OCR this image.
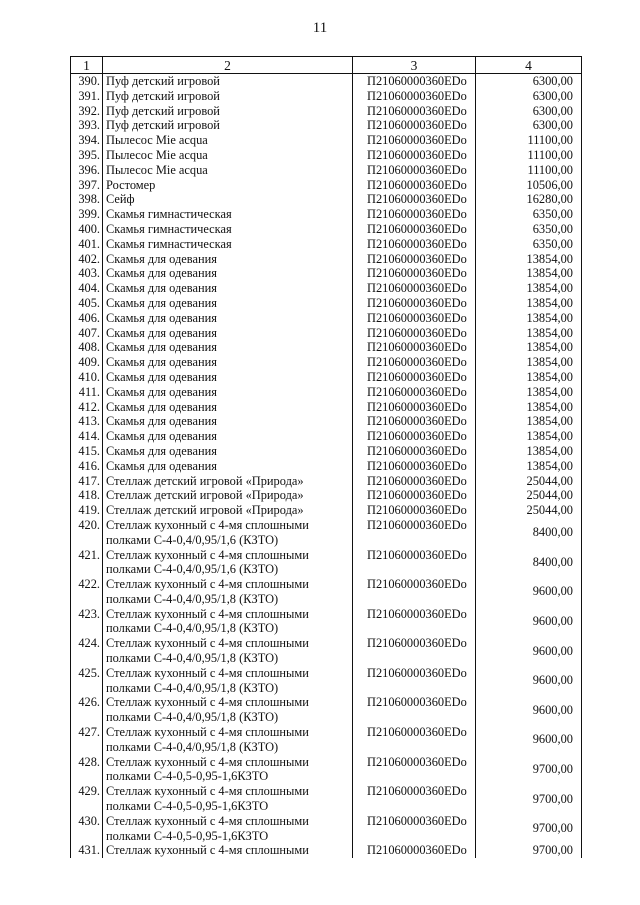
11
1	2	3	4
390.	Пуф детский игровой	П21060000360EDo	6300,00
391.	Пуф детский игровой	П21060000360EDo	6300,00
392.	Пуф детский игровой	П21060000360EDo	6300,00
393.	Пуф детский игровой	П21060000360EDo	6300,00
394.	Пылесос Mie acqua	П21060000360EDo	11100,00
395.	Пылесос Mie acqua	П21060000360EDo	11100,00
396.	Пылесос Mie acqua	П21060000360EDo	11100,00
397.	Ростомер	П21060000360EDo	10506,00
398.	Сейф	П21060000360EDo	16280,00
399.	Скамья гимнастическая	П21060000360EDo	6350,00
400.	Скамья гимнастическая	П21060000360EDo	6350,00
401.	Скамья гимнастическая	П21060000360EDo	6350,00
402.	Скамья для одевания	П21060000360EDo	13854,00
403.	Скамья для одевания	П21060000360EDo	13854,00
404.	Скамья для одевания	П21060000360EDo	13854,00
405.	Скамья для одевания	П21060000360EDo	13854,00
406.	Скамья для одевания	П21060000360EDo	13854,00
407.	Скамья для одевания	П21060000360EDo	13854,00
408.	Скамья для одевания	П21060000360EDo	13854,00
409.	Скамья для одевания	П21060000360EDo	13854,00
410.	Скамья для одевания	П21060000360EDo	13854,00
411.	Скамья для одевания	П21060000360EDo	13854,00
412.	Скамья для одевания	П21060000360EDo	13854,00
413.	Скамья для одевания	П21060000360EDo	13854,00
414.	Скамья для одевания	П21060000360EDo	13854,00
415.	Скамья для одевания	П21060000360EDo	13854,00
416.	Скамья для одевания	П21060000360EDo	13854,00
417.	Стеллаж детский игровой «Природа»	П21060000360EDo	25044,00
418.	Стеллаж детский игровой «Природа»	П21060000360EDo	25044,00
419.	Стеллаж детский игровой «Природа»	П21060000360EDo	25044,00
420.	Стеллаж кухонный с 4-мя сплошными
полками С-4-0,4/0,95/1,6 (КЗТО)	П21060000360EDo	8400,00
421.	Стеллаж кухонный с 4-мя сплошными
полками С-4-0,4/0,95/1,6 (КЗТО)	П21060000360EDo	8400,00
422.	Стеллаж кухонный с 4-мя сплошными
полками С-4-0,4/0,95/1,8 (КЗТО)	П21060000360EDo	9600,00
423.	Стеллаж кухонный с 4-мя сплошными
полками С-4-0,4/0,95/1,8 (КЗТО)	П21060000360EDo	9600,00
424.	Стеллаж кухонный с 4-мя сплошными
полками С-4-0,4/0,95/1,8 (КЗТО)	П21060000360EDo	9600,00
425.	Стеллаж кухонный с 4-мя сплошными
полками С-4-0,4/0,95/1,8 (КЗТО)	П21060000360EDo	9600,00
426.	Стеллаж кухонный с 4-мя сплошными
полками С-4-0,4/0,95/1,8 (КЗТО)	П21060000360EDo	9600,00
427.	Стеллаж кухонный с 4-мя сплошными
полками С-4-0,4/0,95/1,8 (КЗТО)	П21060000360EDo	9600,00
428.	Стеллаж кухонный с 4-мя сплошными
полками С-4-0,5-0,95-1,6КЗТО	П21060000360EDo	9700,00
429.	Стеллаж кухонный с 4-мя сплошными
полками С-4-0,5-0,95-1,6КЗТО	П21060000360EDo	9700,00
430.	Стеллаж кухонный с 4-мя сплошными
полками С-4-0,5-0,95-1,6КЗТО	П21060000360EDo	9700,00
431.	Стеллаж кухонный с 4-мя сплошными	П21060000360EDo	9700,00
